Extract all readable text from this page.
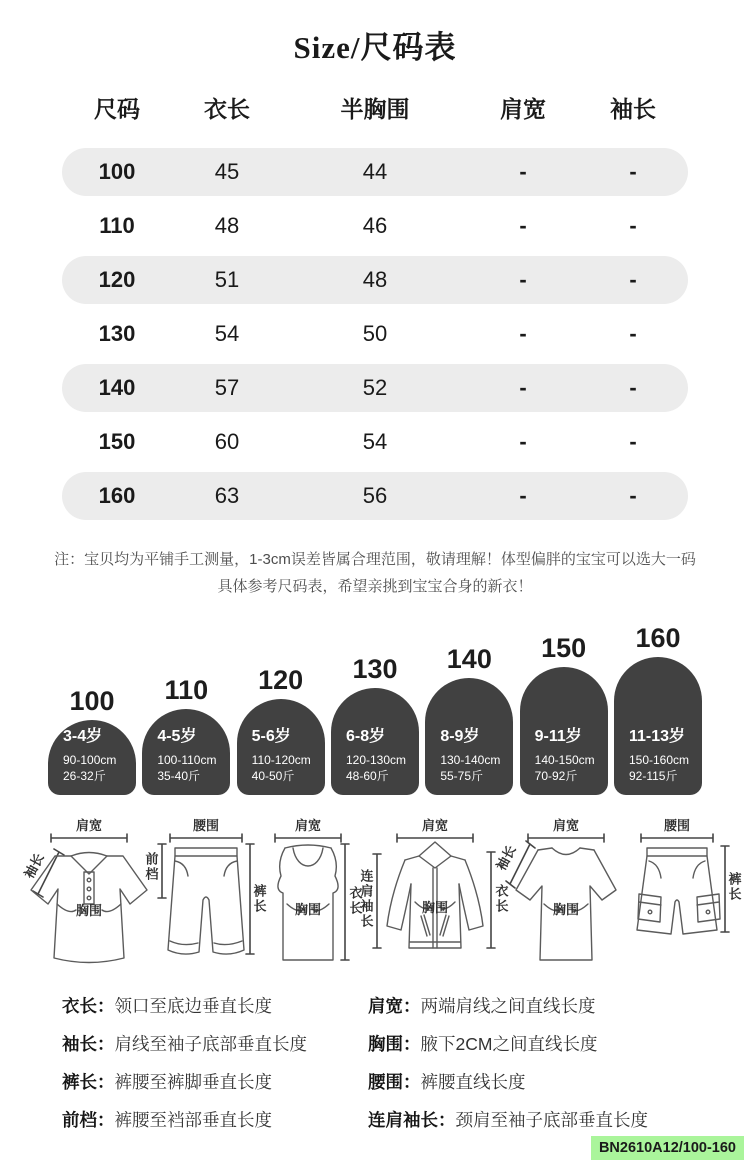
Size/尺码表
尺码	衣长	半胸围	肩宽	袖长
100	45	44	-	-
110	48	46	-	-
120	51	48	-	-
130	54	50	-	-
140	57	52	-	-
150	60	54	-	-
160	63	56	-	-
注：宝贝均为平铺手工测量，1-3cm误差皆属合理范围，敬请理解！体型偏胖的宝宝可以选大一码
具体参考尺码表，希望亲挑到宝宝合身的新衣！
100
3-4岁
90-100cm
26-32斤
110
4-5岁
100-110cm
35-40斤
120
5-6岁
110-120cm
40-50斤
130
6-8岁
120-130cm
48-60斤
140
8-9岁
130-140cm
55-75斤
150
9-11岁
140-150cm
70-92斤
160
11-13岁
150-160cm
92-115斤
肩宽
袖长
胸围
腰围
前档
裤长
肩宽
胸围 衣长
肩宽
连肩袖长	胸围	衣长
肩宽
袖长
胸围
腰围
裤长
衣长：领口至底边垂直长度
袖长：肩线至袖子底部垂直长度
裤长：裤腰至裤脚垂直长度
前档：裤腰至裆部垂直长度
肩宽：两端肩线之间直线长度
胸围：腋下2CM之间直线长度
腰围：裤腰直线长度
连肩袖长：颈肩至袖子底部垂直长度
BN2610A12/100-160
